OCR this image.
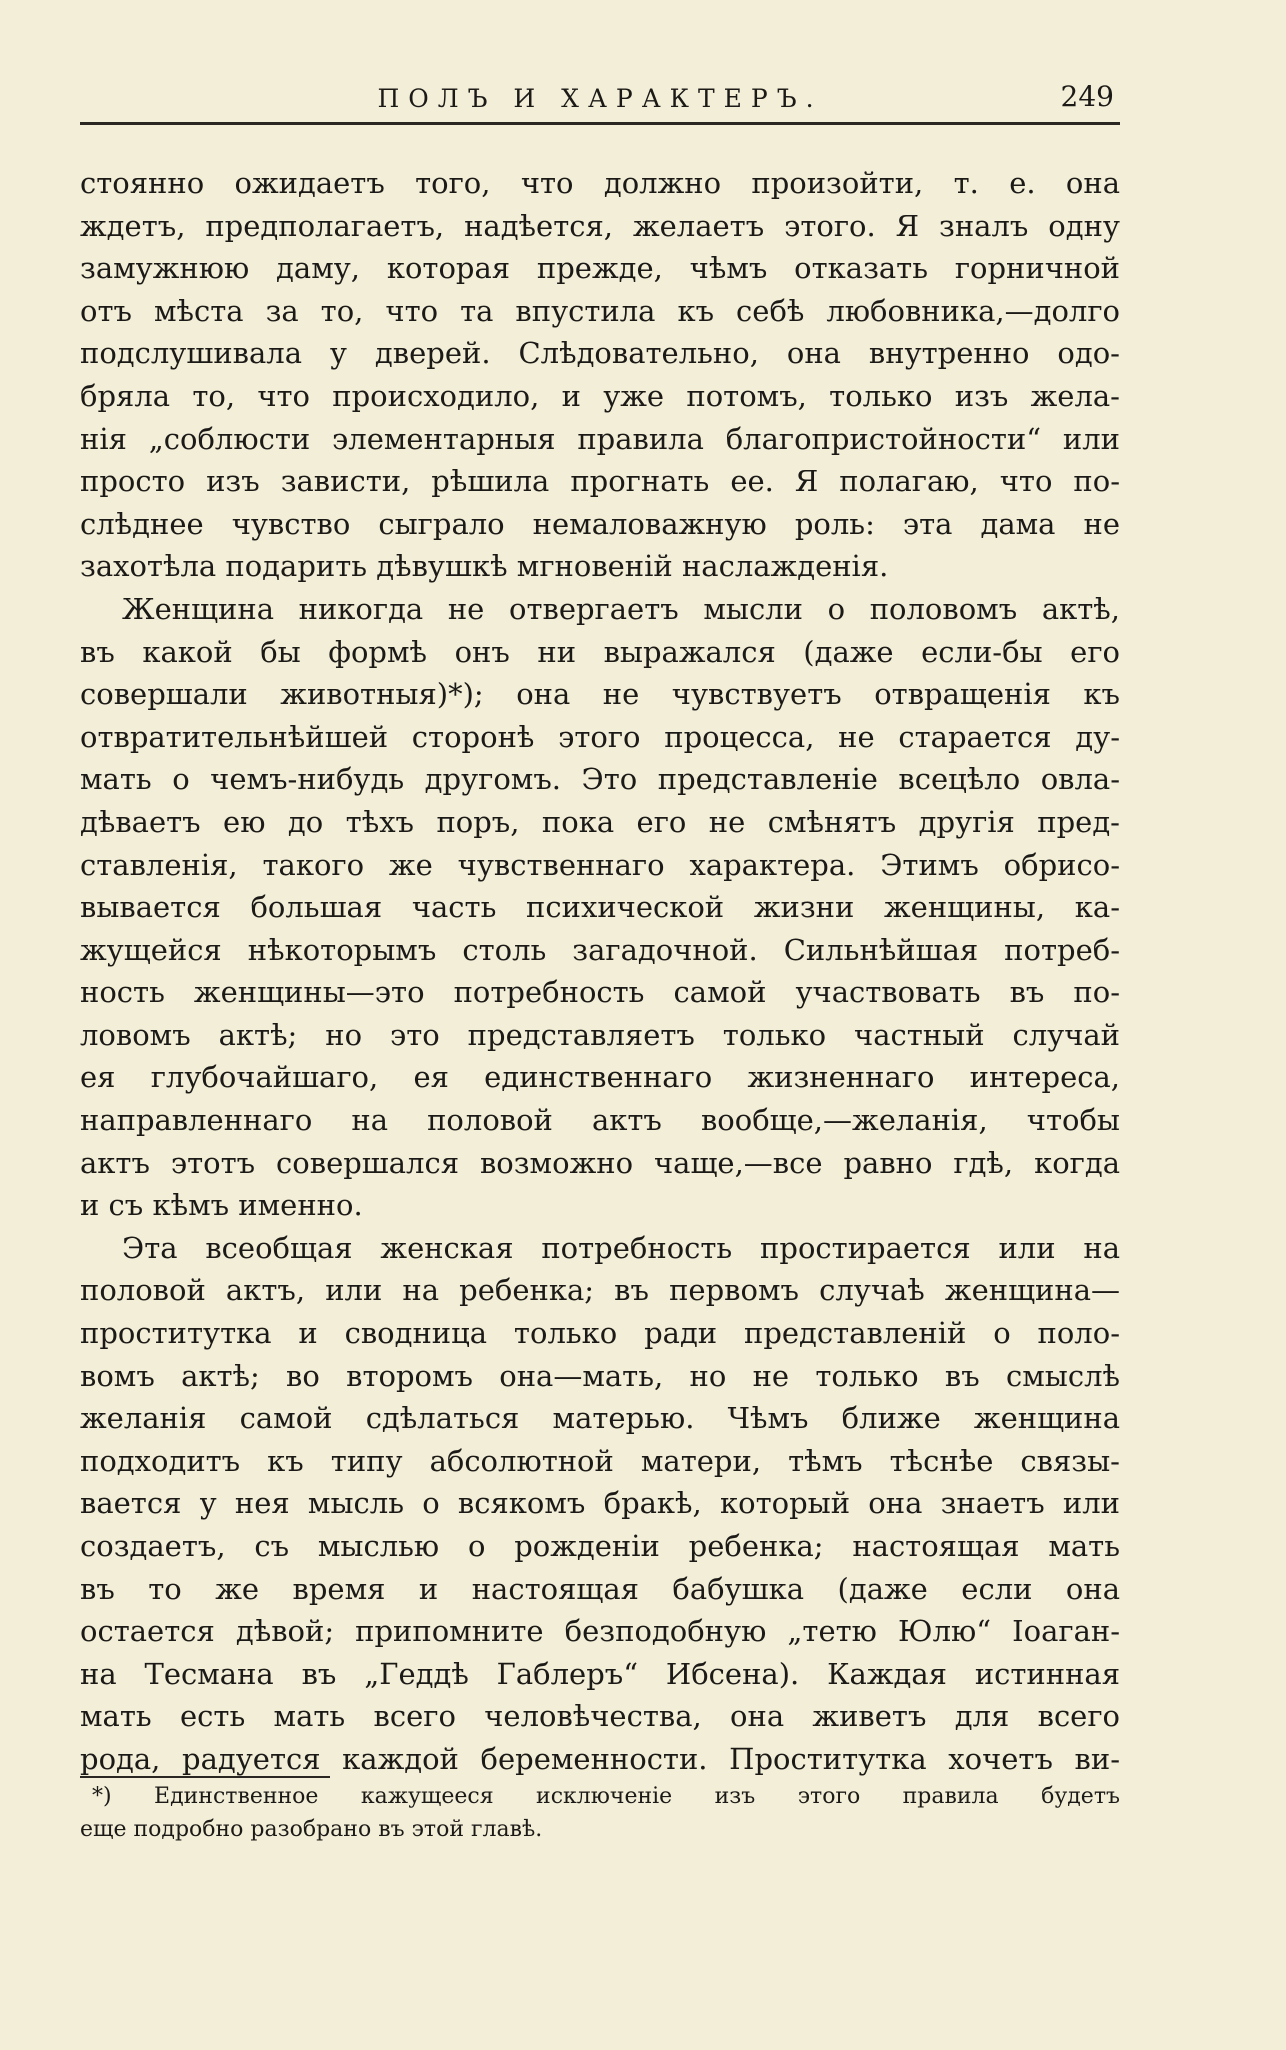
ПОЛЪ И ХАРАКТЕРЪ.	249
стоянно ожидаетъ того, что должно произойти, т. е. она
ждетъ, предполагаетъ, надѣется, желаетъ этого. Я зналъ одну
замужнюю даму, которая прежде, чѣмъ отказать горничной
отъ мѣста за то, что та впустила къ себѣ любовника,—долго
подслушивала у дверей. Слѣдовательно, она внутренно одо-
бряла то, что происходило, и уже потомъ, только изъ жела-
нія „соблюсти элементарныя правила благопристойности“ или
просто изъ зависти, рѣшила прогнать ее. Я полагаю, что по-
слѣднее чувство сыграло немаловажную роль: эта дама не
захотѣла подарить дѣвушкѣ мгновеній наслажденія.
Женщина никогда не отвергаетъ мысли о половомъ актѣ,
въ какой бы формѣ онъ ни выражался (даже если-бы его
совершали животныя)*); она не чувствуетъ отвращенія къ
отвратительнѣйшей сторонѣ этого процесса, не старается ду-
мать о чемъ-нибудь другомъ. Это представленіе всецѣло овла-
дѣваетъ ею до тѣхъ поръ, пока его не смѣнятъ другія пред-
ставленія, такого же чувственнаго характера. Этимъ обрисо-
вывается большая часть психической жизни женщины, ка-
жущейся нѣкоторымъ столь загадочной. Сильнѣйшая потреб-
ность женщины—это потребность самой участвовать въ по-
ловомъ актѣ; но это представляетъ только частный случай
ея глубочайшаго, ея единственнаго жизненнаго интереса,
направленнаго на половой актъ вообще,—желанія, чтобы
актъ этотъ совершался возможно чаще,—все равно гдѣ, когда
и съ кѣмъ именно.
Эта всеобщая женская потребность простирается или на
половой актъ, или на ребенка; въ первомъ случаѣ женщина—
проститутка и сводница только ради представленій о поло-
вомъ актѣ; во второмъ она—мать, но не только въ смыслѣ
желанія самой сдѣлаться матерью. Чѣмъ ближе женщина
подходитъ къ типу абсолютной матери, тѣмъ тѣснѣе связы-
вается у нея мысль о всякомъ бракѣ, который она знаетъ или
создаетъ, съ мыслью о рожденіи ребенка; настоящая мать
въ то же время и настоящая бабушка (даже если она
остается дѣвой; припомните безподобную „тетю Юлю“ Іоаган-
на Тесмана въ „Геддѣ Габлеръ“ Ибсена). Каждая истинная
мать есть мать всего человѣчества, она живетъ для всего
рода, радуется каждой беременности. Проститутка хочетъ ви-
*) Единственное кажущееся исключеніе изъ этого правила будетъ
еще подробно разобрано въ этой главѣ.
